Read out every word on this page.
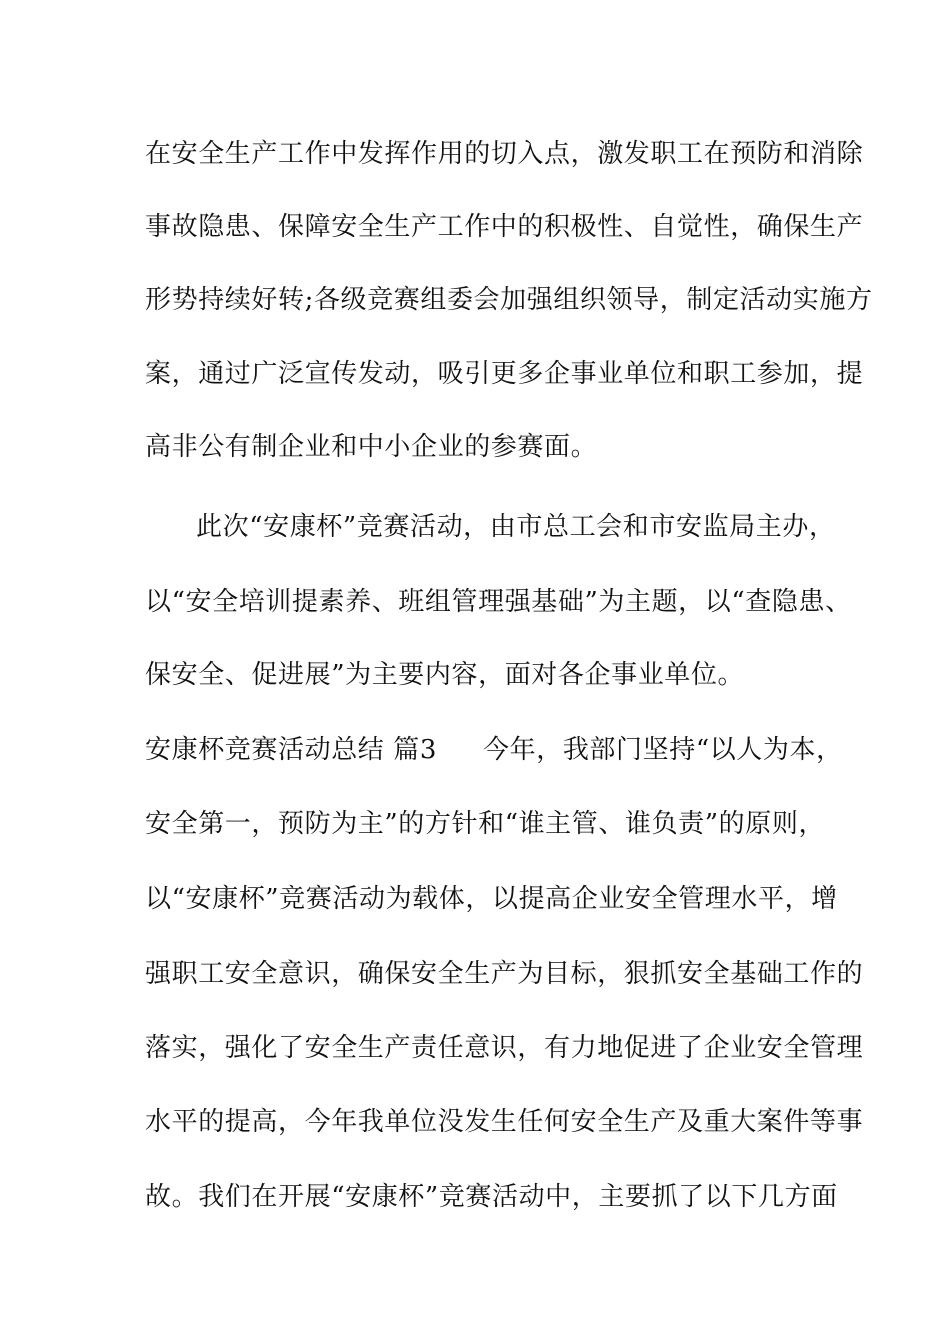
在安全生产工作中发挥作用的切入点，激发职工在预防和消除
事故隐患、保障安全生产工作中的积极性、自觉性，确保生产
形势持续好转;各级竞赛组委会加强组织领导，制定活动实施方
案，通过广泛宣传发动，吸引更多企事业单位和职工参加，提
高非公有制企业和中小企业的参赛面。
此次“安康杯”竞赛活动，由市总工会和市安监局主办，
以“安全培训提素养、班组管理强基础”为主题，以“查隐患、
保安全、促进展”为主要内容，面对各企事业单位。
安康杯竞赛活动总结 篇3 今年，我部门坚持“以人为本，
安全第一，预防为主”的方针和“谁主管、谁负责”的原则，
以“安康杯”竞赛活动为载体，以提高企业安全管理水平，增
强职工安全意识，确保安全生产为目标，狠抓安全基础工作的
落实，强化了安全生产责任意识，有力地促进了企业安全管理
水平的提高，今年我单位没发生任何安全生产及重大案件等事
故。我们在开展“安康杯”竞赛活动中，主要抓了以下几方面
